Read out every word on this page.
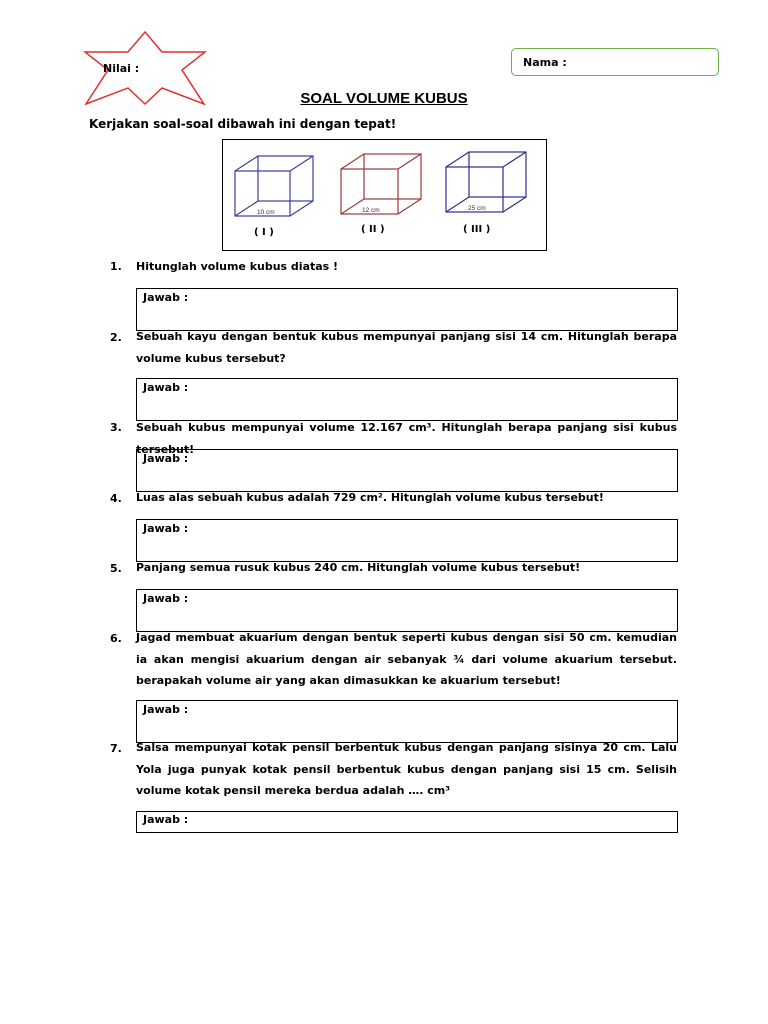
Nilai :	Nama :
SOAL VOLUME KUBUS
Kerjakan soal-soal dibawah ini dengan tepat!
10 cm	12 cm	25 cm
( I )	( II )	( III )
1. Hitunglah volume kubus diatas !
Jawab :
2. Sebuah kayu dengan bentuk kubus mempunyai panjang sisi 14 cm. Hitunglah berapa volume kubus tersebut?
Jawab :
3. Sebuah kubus mempunyai volume 12.167 cm³. Hitunglah berapa panjang sisi kubus tersebut!
Jawab :
4. Luas alas sebuah kubus adalah 729 cm². Hitunglah volume kubus tersebut!
Jawab :
5. Panjang semua rusuk kubus 240 cm. Hitunglah volume kubus tersebut!
Jawab :
6. Jagad membuat akuarium dengan bentuk seperti kubus dengan sisi 50 cm. kemudian ia akan mengisi akuarium dengan air sebanyak ¾ dari volume akuarium tersebut. berapakah volume air yang akan dimasukkan ke akuarium tersebut!
Jawab :
7. Salsa mempunyai kotak pensil berbentuk kubus dengan panjang sisinya 20 cm. Lalu Yola juga punyak kotak pensil berbentuk kubus dengan panjang sisi 15 cm. Selisih volume kotak pensil mereka berdua adalah …. cm³
Jawab :
